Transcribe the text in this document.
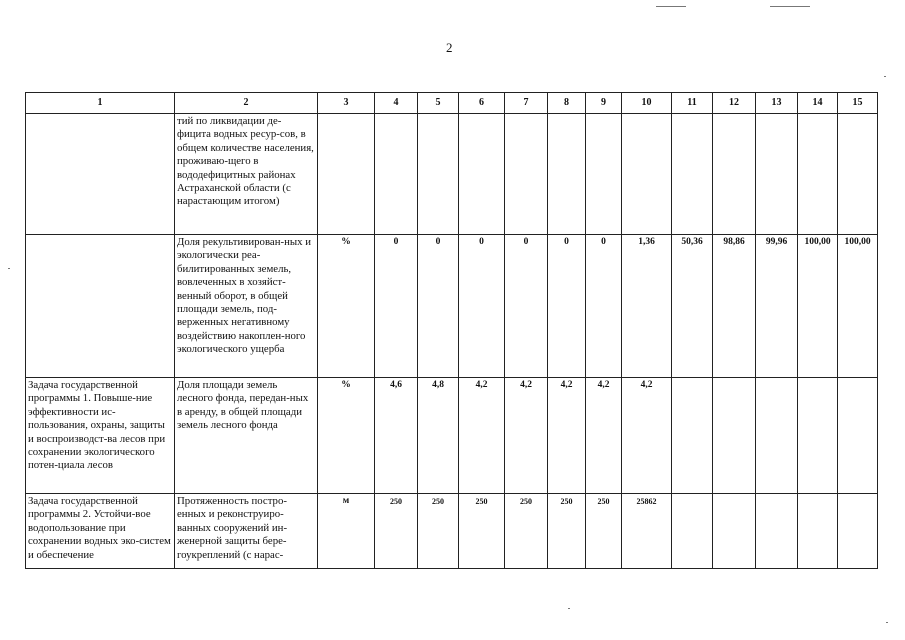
2
1	2	3	4	5	6	7	8	9	10	11	12	13	14	15
	тий по ликвидации де-фицита водных ресур-сов, в общем количестве населения, проживаю-щего в вододефицитных районах Астраханской области (с нарастающим итогом)													
	Доля рекультивирован-ных и экологически реа-билитированных земель, вовлеченных в хозяйст-венный оборот, в общей площади земель, под-верженных негативному воздействию накоплен-ного экологического ущерба	%	0	0	0	0	0	0	1,36	50,36	98,86	99,96	100,00	100,00
Задача государственной программы 1. Повыше-ние эффективности ис-пользования, охраны, защиты и воспроизводст-ва лесов при сохранении экологического потен-циала лесов	Доля площади земель лесного фонда, передан-ных в аренду, в общей площади земель лесного фонда	%	4,6	4,8	4,2	4,2	4,2	4,2	4,2					
Задача государственной программы 2. Устойчи-вое водопользование при сохранении водных эко-систем и обеспечение	Протяженность постро-енных и реконструиро-ванных сооружений ин-женерной защиты бере-гоукреплений (с нарас-	м	250	250	250	250	250	250	25862					
